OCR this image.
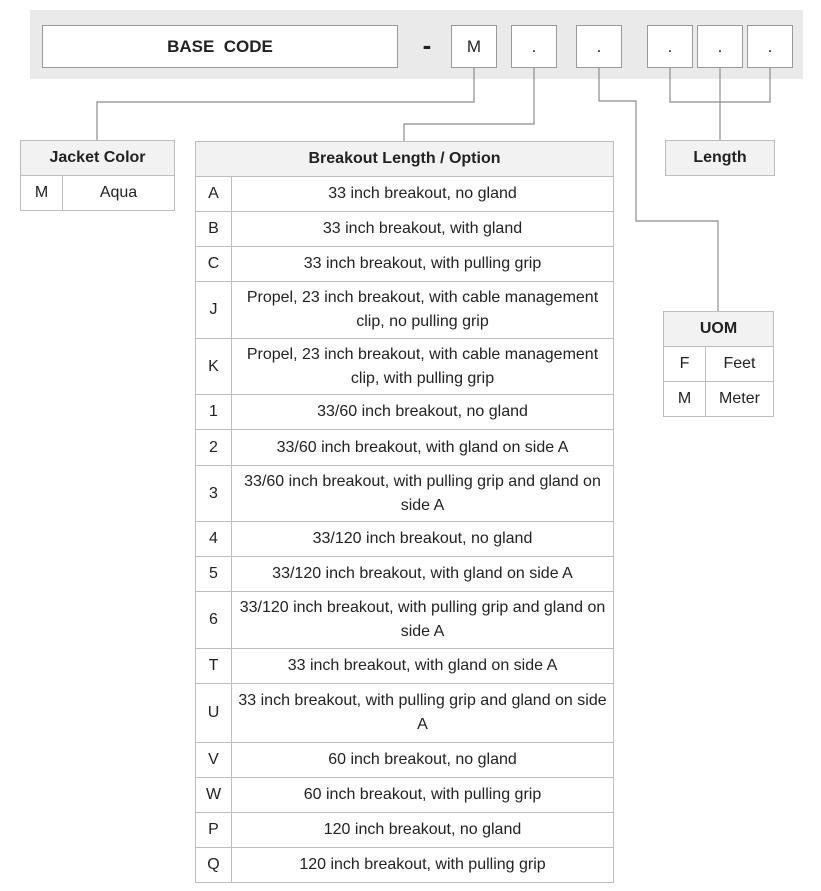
BASE  CODE	-	M	.	.	.	.	.
Jacket Color
M	Aqua
Breakout Length / Option
A	33 inch breakout, no gland
B	33 inch breakout, with gland
C	33 inch breakout, with pulling grip
J	Propel, 23 inch breakout, with cable management clip, no pulling grip
K	Propel, 23 inch breakout, with cable management clip, with pulling grip
1	33/60 inch breakout, no gland
2	33/60 inch breakout, with gland on side A
3	33/60 inch breakout, with pulling grip and gland on side A
4	33/120 inch breakout, no gland
5	33/120 inch breakout, with gland on side A
6	33/120 inch breakout, with pulling grip and gland on side A
T	33 inch breakout, with gland on side A
U	33 inch breakout, with pulling grip and gland on side A
V	60 inch breakout, no gland
W	60 inch breakout, with pulling grip
P	120 inch breakout, no gland
Q	120 inch breakout, with pulling grip
Length
UOM
F	Feet
M	Meter
